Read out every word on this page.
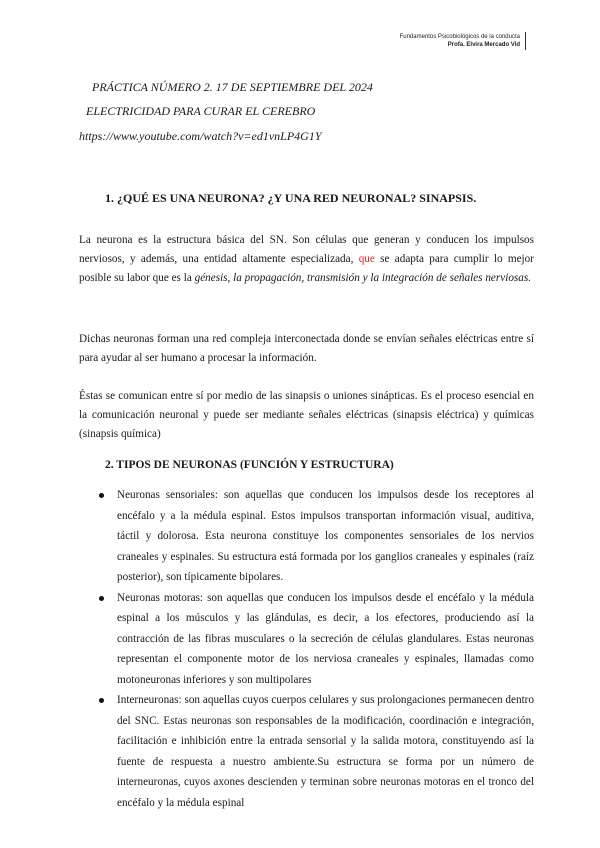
Fundamentos Psicobiológicos de la conducta
Profa. Elvira Mercado Vid
PRÁCTICA NÚMERO 2. 17 DE SEPTIEMBRE DEL 2024
ELECTRICIDAD PARA CURAR EL CEREBRO
https://www.youtube.com/watch?v=ed1vnLP4G1Y
1. ¿QUÉ ES UNA NEURONA? ¿Y UNA RED NEURONAL? SINAPSIS.
La neurona es la estructura básica del SN. Son células que generan y conducen los impulsos nerviosos, y además, una entidad altamente especializada, que se adapta para cumplir lo mejor posible su labor que es la génesis, la propagación, transmisión y la integración de señales nerviosas.
Dichas neuronas forman una red compleja interconectada donde se envían señales eléctricas entre sí para ayudar al ser humano a procesar la información.
Éstas se comunican entre sí por medio de las sinapsis o uniones sinápticas. Es el proceso esencial en la comunicación neuronal y puede ser mediante señales eléctricas (sinapsis eléctrica) y químicas (sinapsis química)
2. TIPOS DE NEURONAS (FUNCIÓN Y ESTRUCTURA)
Neuronas sensoriales: son aquellas que conducen los impulsos desde los receptores al encéfalo y a la médula espinal. Estos impulsos transportan información visual, auditiva, táctil y dolorosa. Esta neurona constituye los componentes sensoriales de los nervios craneales y espinales. Su estructura está formada por los ganglios craneales y espinales (raíz posterior), son típicamente bipolares.
Neuronas motoras: son aquellas que conducen los impulsos desde el encéfalo y la médula espinal a los músculos y las glándulas, es decir, a los efectores, produciendo así la contracción de las fibras musculares o la secreción de células glandulares. Estas neuronas representan el componente motor de los nerviosa craneales y espinales, llamadas como motoneuronas inferiores y son multipolares
Interneuronas: son aquellas cuyos cuerpos celulares y sus prolongaciones permanecen dentro del SNC. Estas neuronas son responsables de la modificación, coordinación e integración, facilitación e inhibición entre la entrada sensorial y la salida motora, constituyendo así la fuente de respuesta a nuestro ambiente.Su estructura se forma por un número de interneuronas, cuyos axones descienden y terminan sobre neuronas motoras en el tronco del encéfalo y la médula espinal
